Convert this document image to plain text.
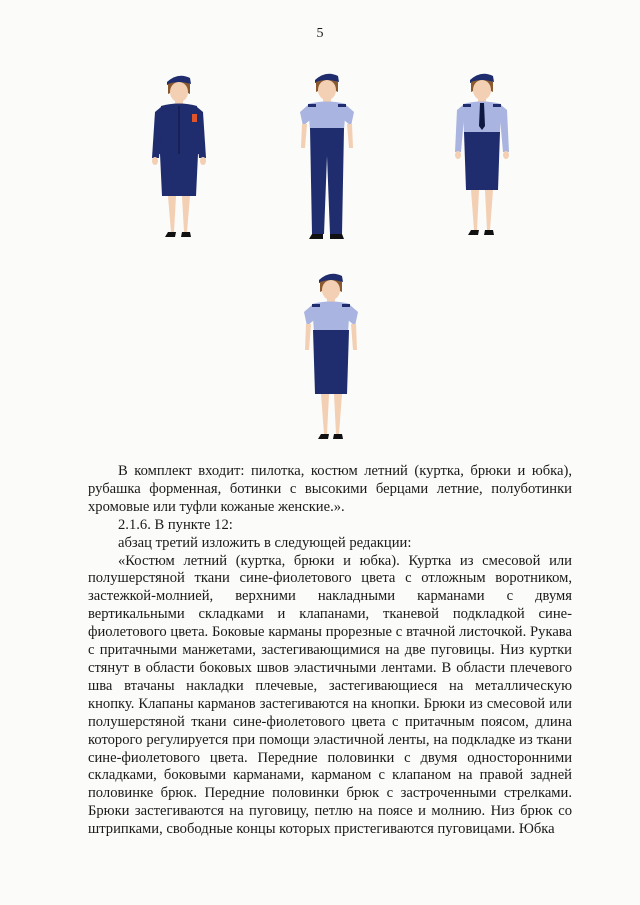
5

В комплект входит: пилотка, костюм летний (куртка, брюки и юбка), рубашка форменная, ботинки с высокими берцами летние, полуботинки хромовые или туфли кожаные женские.».

2.1.6. В пункте 12:

абзац третий изложить в следующей редакции:

«Костюм летний (куртка, брюки и юбка). Куртка из смесовой или полушерстяной ткани сине-фиолетового цвета с отложным воротником, застежкой-молнией, верхними накладными карманами с двумя вертикальными складками и клапанами, тканевой подкладкой сине-фиолетового цвета. Боковые карманы прорезные с втачной листочкой. Рукава с притачными манжетами, застегивающимися на две пуговицы. Низ куртки стянут в области боковых швов эластичными лентами. В области плечевого шва втачаны накладки плечевые, застегивающиеся на металлическую кнопку. Клапаны карманов застегиваются на кнопки. Брюки из смесовой или полушерстяной ткани сине-фиолетового цвета с притачным поясом, длина которого регулируется при помощи эластичной ленты, на подкладке из ткани сине-фиолетового цвета. Передние половинки с двумя односторонними складками, боковыми карманами, карманом с клапаном на правой задней половинке брюк. Передние половинки брюк с застроченными стрелками. Брюки застегиваются на пуговицу, петлю на поясе и молнию. Низ брюк со штрипками, свободные концы которых пристегиваются пуговицами. Юбка
